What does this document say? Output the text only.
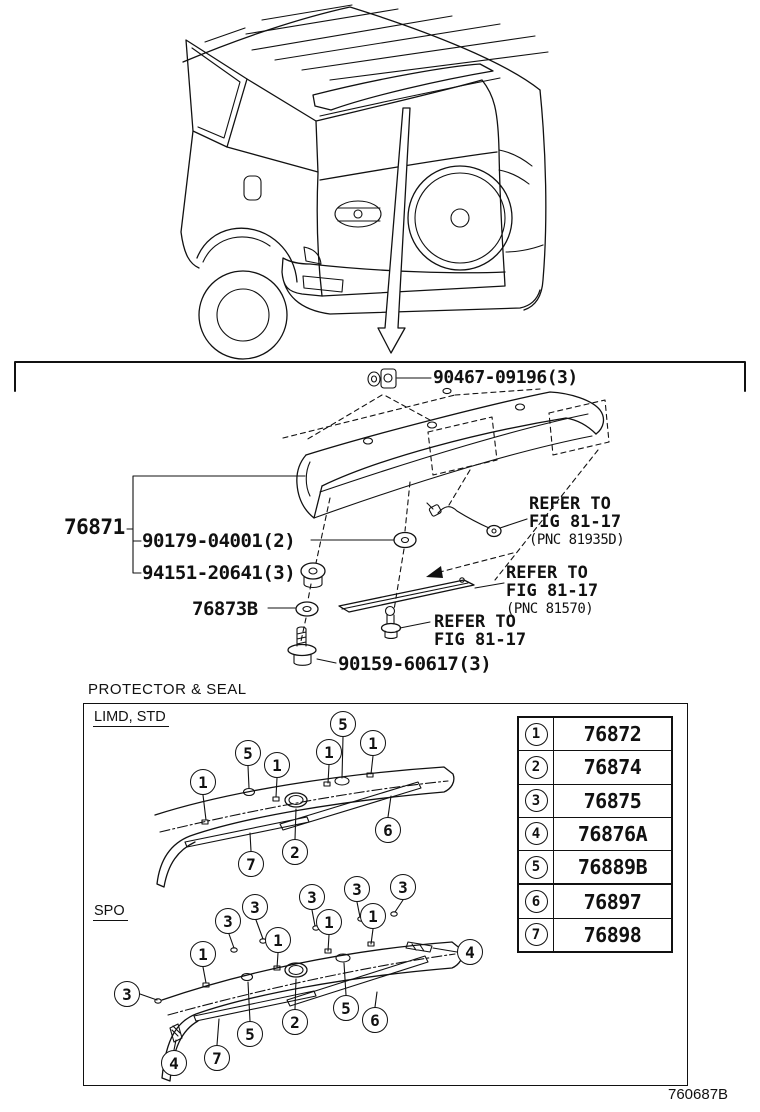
90467-09196(3)
76871
90179-04001(2)
94151-20641(3)
76873B
90159-60617(3)
REFER TO
FIG 81-17
(PNC 81935D)
REFER TO
FIG 81-17
(PNC 81570)
REFER TO
FIG 81-17
PROTECTOR & SEAL
LIMD, STD
SPO
1	76872
2	76874
3	76875
4	76876A
5	76889B
6	76897
7	76898
1
5
1
1
5
1
7
2
6
3
4
1
3
3
1
3
1
3
1
3
4
7
5
2
5
6
760687B
